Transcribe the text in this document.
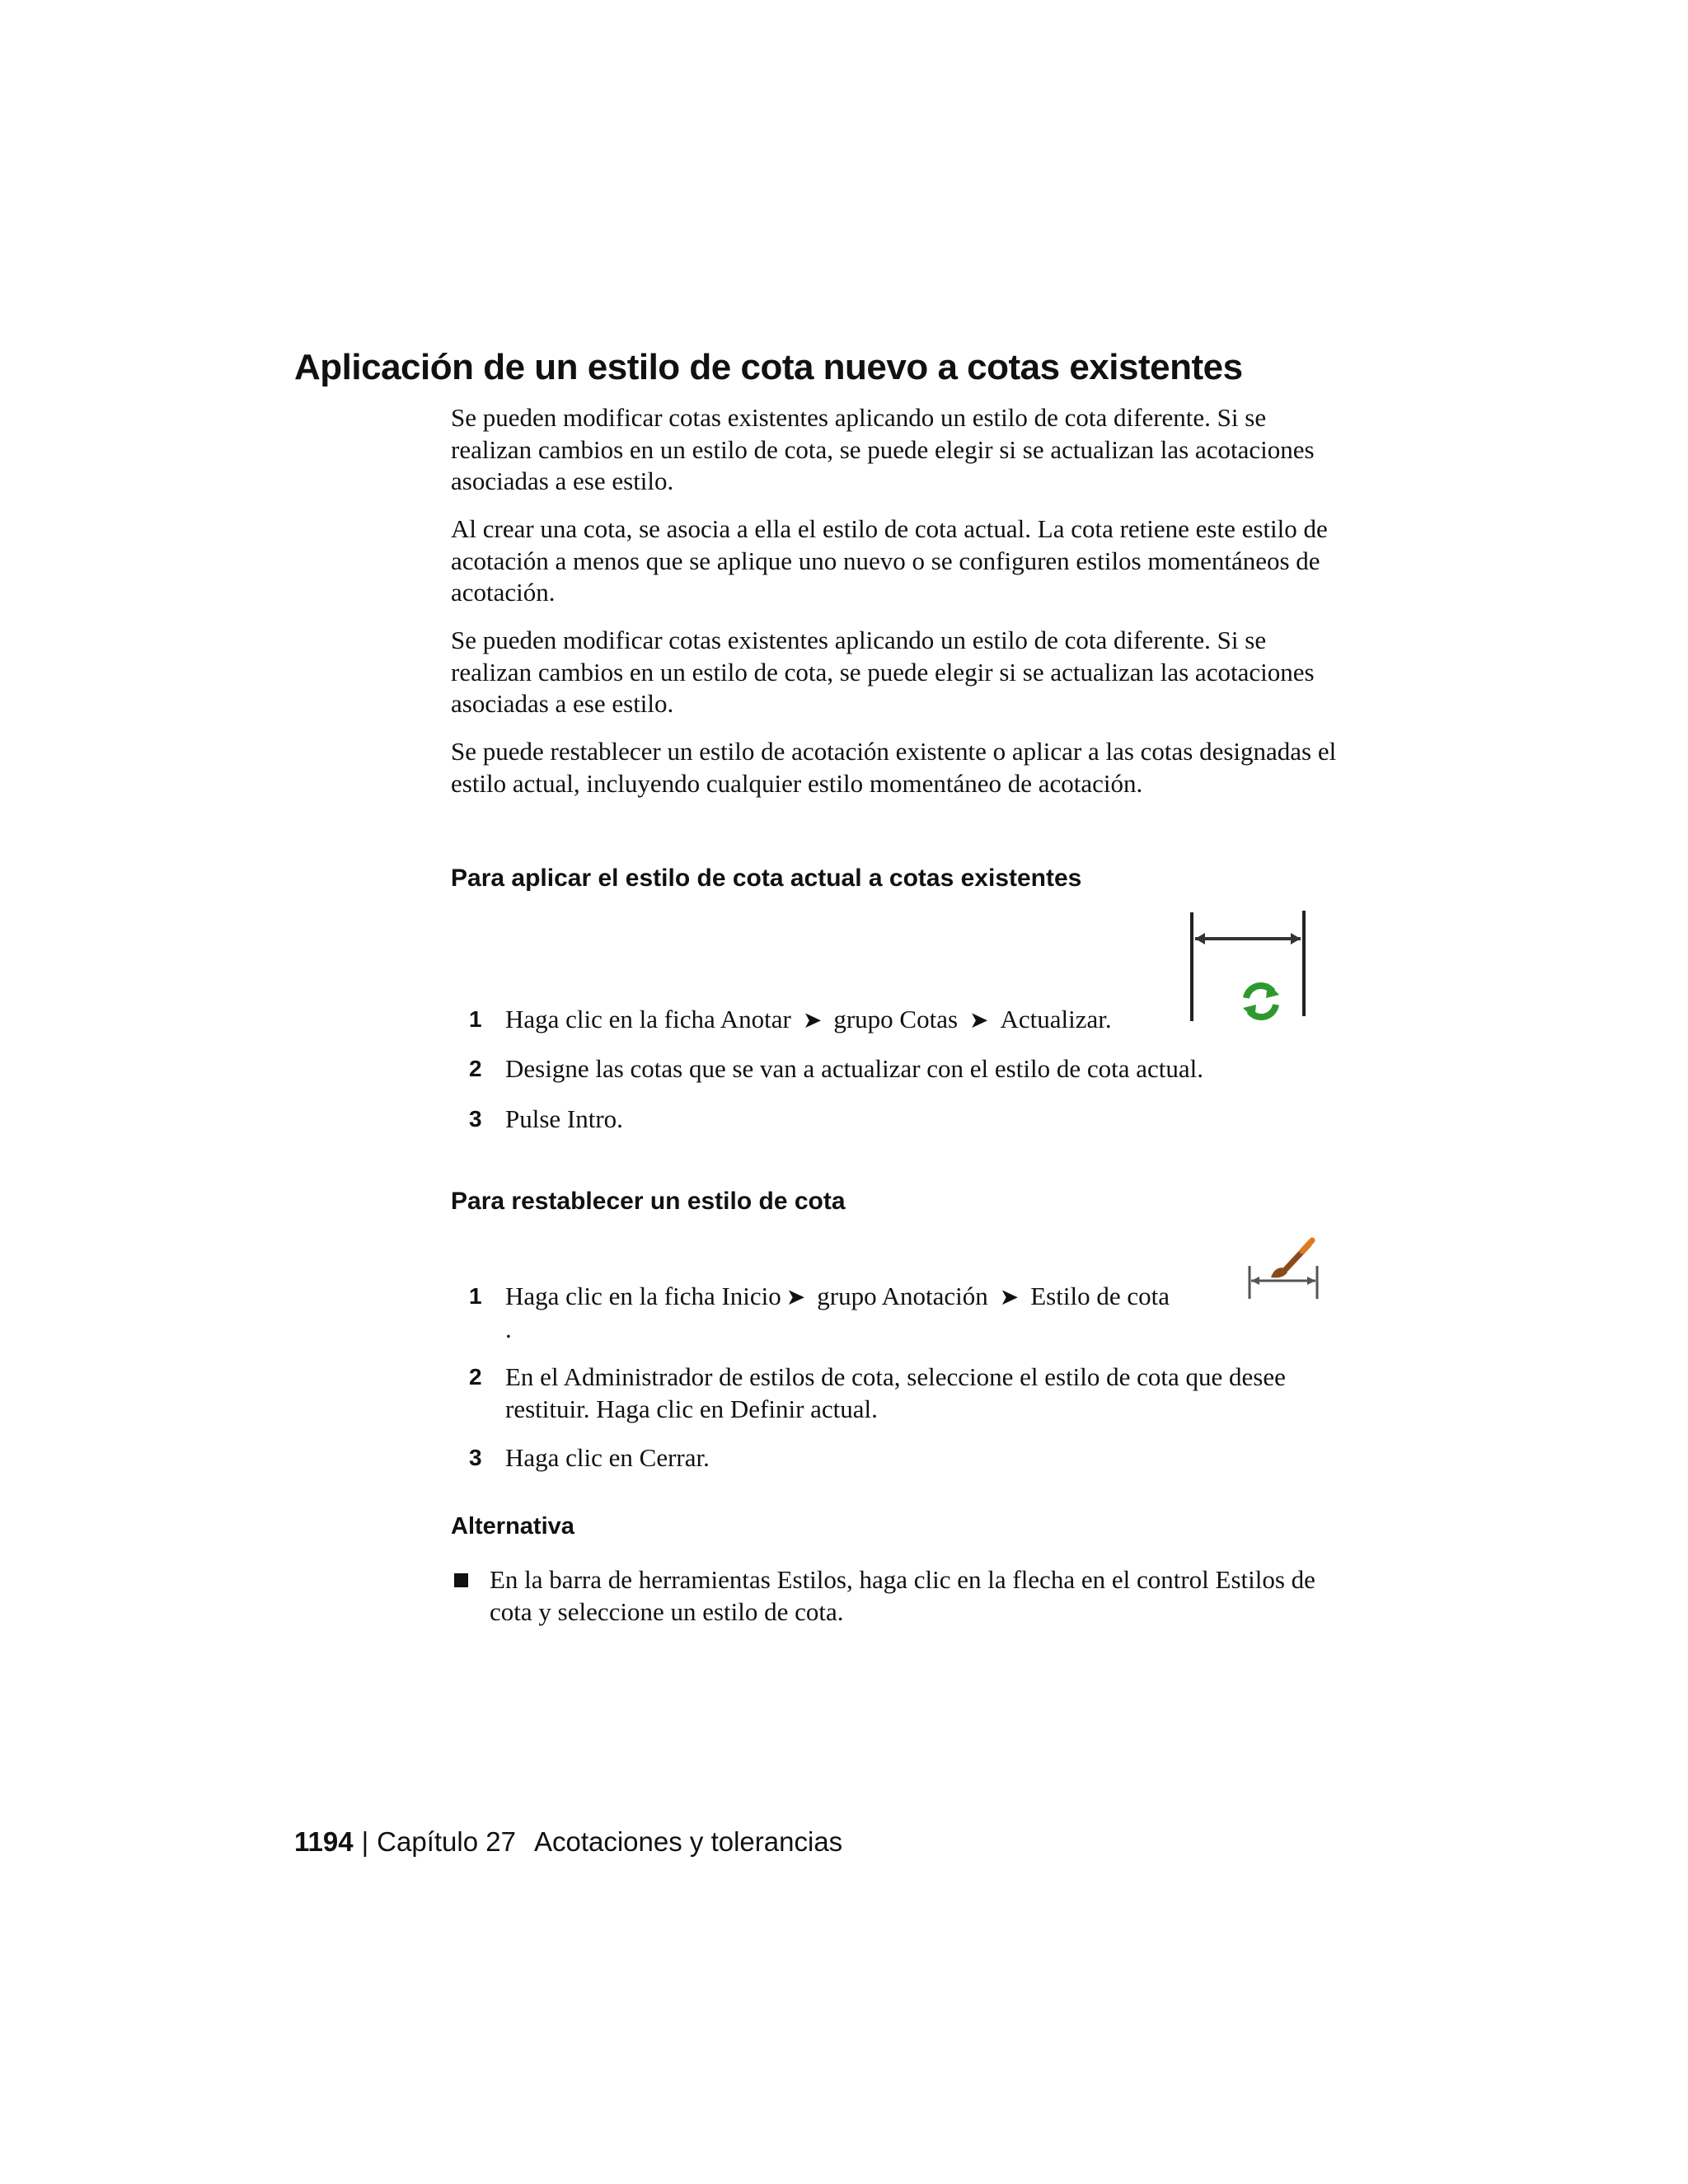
Aplicación de un estilo de cota nuevo a cotas existentes

Se pueden modificar cotas existentes aplicando un estilo de cota diferente. Si se realizan cambios en un estilo de cota, se puede elegir si se actualizan las acotaciones asociadas a ese estilo.

Al crear una cota, se asocia a ella el estilo de cota actual. La cota retiene este estilo de acotación a menos que se aplique uno nuevo o se configuren estilos momentáneos de acotación.

Se pueden modificar cotas existentes aplicando un estilo de cota diferente. Si se realizan cambios en un estilo de cota, se puede elegir si se actualizan las acotaciones asociadas a ese estilo.

Se puede restablecer un estilo de acotación existente o aplicar a las cotas designadas el estilo actual, incluyendo cualquier estilo momentáneo de acotación.

Para aplicar el estilo de cota actual a cotas existentes
1 Haga clic en la ficha Anotar ➤ grupo Cotas ➤ Actualizar.
2 Designe las cotas que se van a actualizar con el estilo de cota actual.
3 Pulse Intro.
Para restablecer un estilo de cota
1 Haga clic en la ficha Inicio ➤ grupo Anotación ➤ Estilo de cota
.
2 En el Administrador de estilos de cota, seleccione el estilo de cota que desee restituir. Haga clic en Definir actual.
3 Haga clic en Cerrar.
Alternativa
En la barra de herramientas Estilos, haga clic en la flecha en el control Estilos de cota y seleccione un estilo de cota.
1194 | Capítulo 27 Acotaciones y tolerancias
